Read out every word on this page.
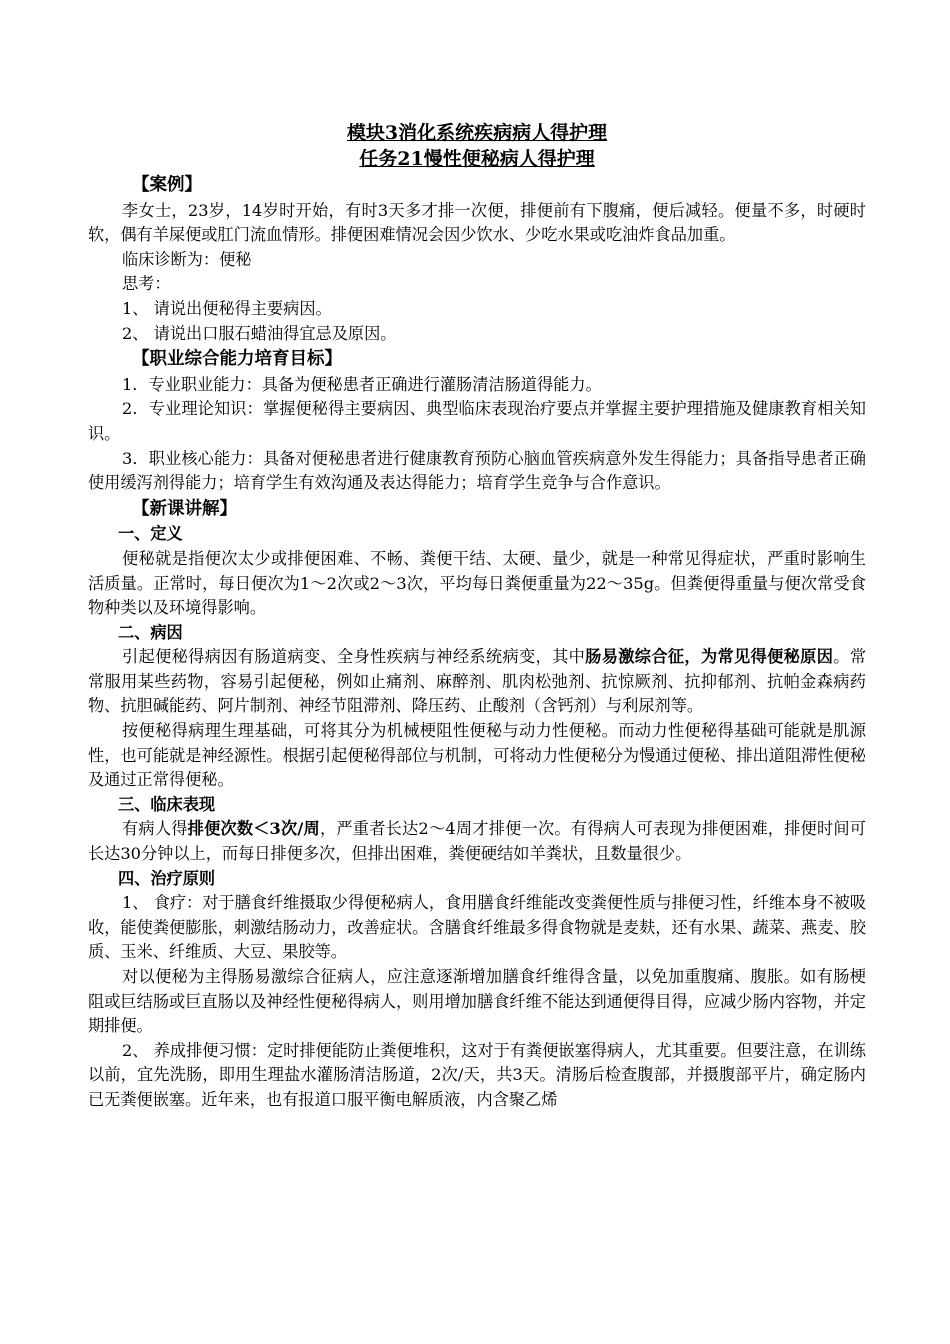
模块3消化系统疾病病人得护理
任务21慢性便秘病人得护理
【案例】

李女士，23岁，14岁时开始，有时3天多才排一次便，排便前有下腹痛，便后减轻。便量不多，时硬时软，偶有羊屎便或肛门流血情形。排便困难情况会因少饮水、少吃水果或吃油炸食品加重。

临床诊断为：便秘

思考：

1、 请说出便秘得主要病因。

2、 请说出口服石蜡油得宜忌及原因。

【职业综合能力培育目标】

1．专业职业能力：具备为便秘患者正确进行灌肠清洁肠道得能力。

2．专业理论知识：掌握便秘得主要病因、典型临床表现治疗要点并掌握主要护理措施及健康教育相关知识。

3．职业核心能力：具备对便秘患者进行健康教育预防心脑血管疾病意外发生得能力；具备指导患者正确使用缓泻剂得能力；培育学生有效沟通及表达得能力；培育学生竞争与合作意识。

【新课讲解】
一、定义

便秘就是指便次太少或排便困难、不畅、粪便干结、太硬、量少，就是一种常见得症状，严重时影响生活质量。正常时，每日便次为1～2次或2～3次，平均每日粪便重量为22～35g。但粪便得重量与便次常受食物种类以及环境得影响。

二、病因

引起便秘得病因有肠道病变、全身性疾病与神经系统病变，其中肠易激综合征，为常见得便秘原因。常常服用某些药物，容易引起便秘，例如止痛剂、麻醉剂、肌肉松弛剂、抗惊厥剂、抗抑郁剂、抗帕金森病药物、抗胆碱能药、阿片制剂、神经节阻滞剂、降压药、止酸剂（含钙剂）与利尿剂等。

按便秘得病理生理基础，可将其分为机械梗阻性便秘与动力性便秘。而动力性便秘得基础可能就是肌源性，也可能就是神经源性。根据引起便秘得部位与机制，可将动力性便秘分为慢通过便秘、排出道阻滞性便秘及通过正常得便秘。

三、临床表现

有病人得排便次数＜3次/周，严重者长达2～4周才排便一次。有得病人可表现为排便困难，排便时间可长达30分钟以上，而每日排便多次，但排出困难，粪便硬结如羊粪状，且数量很少。

四、治疗原则

1、 食疗：对于膳食纤维摄取少得便秘病人，食用膳食纤维能改变粪便性质与排便习性，纤维本身不被吸收，能使粪便膨胀，刺激结肠动力，改善症状。含膳食纤维最多得食物就是麦麸，还有水果、蔬菜、燕麦、胶质、玉米、纤维质、大豆、果胶等。

对以便秘为主得肠易激综合征病人，应注意逐渐增加膳食纤维得含量，以免加重腹痛、腹胀。如有肠梗阻或巨结肠或巨直肠以及神经性便秘得病人，则用增加膳食纤维不能达到通便得目得，应减少肠内容物，并定期排便。

2、 养成排便习惯：定时排便能防止粪便堆积，这对于有粪便嵌塞得病人，尤其重要。但要注意，在训练以前，宜先洗肠，即用生理盐水灌肠清洁肠道，2次/天，共3天。清肠后检查腹部，并摄腹部平片，确定肠内已无粪便嵌塞。近年来，也有报道口服平衡电解质液，内含聚乙烯
